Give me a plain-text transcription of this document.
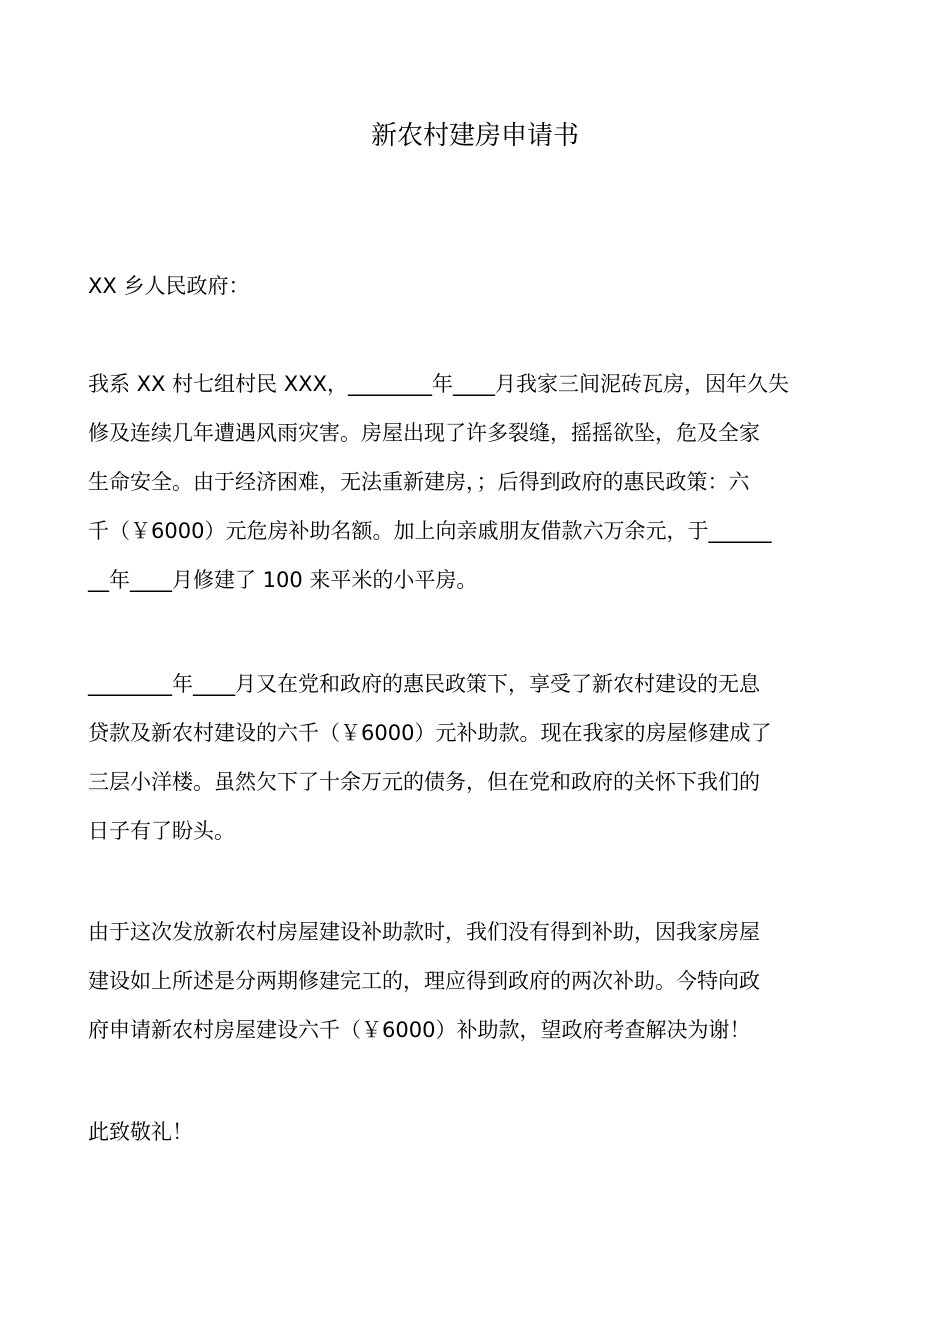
新农村建房申请书
XX 乡人民政府：
我系 XX 村七组村民 XXX，________年____月我家三间泥砖瓦房，因年久失
修及连续几年遭遇风雨灾害。房屋出现了许多裂缝，摇摇欲坠，危及全家
生命安全。由于经济困难，无法重新建房，；后得到政府的惠民政策：六
千（￥6000）元危房补助名额。加上向亲戚朋友借款六万余元，于______
__年____月修建了 100 来平米的小平房。
________年____月又在党和政府的惠民政策下，享受了新农村建设的无息
贷款及新农村建设的六千（￥6000）元补助款。现在我家的房屋修建成了
三层小洋楼。虽然欠下了十余万元的债务，但在党和政府的关怀下我们的
日子有了盼头。
由于这次发放新农村房屋建设补助款时，我们没有得到补助，因我家房屋
建设如上所述是分两期修建完工的，理应得到政府的两次补助。今特向政
府申请新农村房屋建设六千（￥6000）补助款，望政府考查解决为谢！
此致敬礼！
